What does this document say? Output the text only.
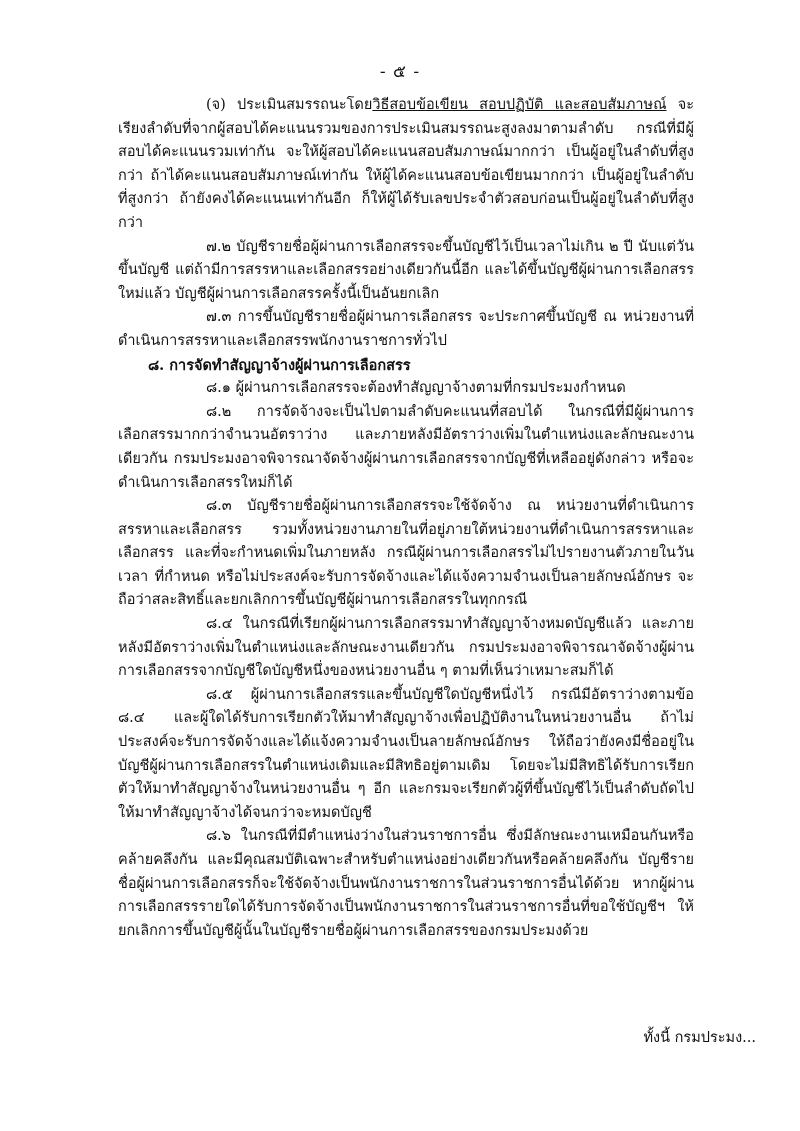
- ๕ -

(จ) ประเมินสมรรถนะโดยวิธีสอบข้อเขียน สอบปฏิบัติ และสอบสัมภาษณ์ จะเรียงลำดับที่จากผู้สอบได้คะแนนรวมของการประเมินสมรรถนะสูงลงมาตามลำดับ กรณีที่มีผู้สอบได้คะแนนรวมเท่ากัน จะให้ผู้สอบได้คะแนนสอบสัมภาษณ์มากกว่า เป็นผู้อยู่ในลำดับที่สูงกว่า ถ้าได้คะแนนสอบสัมภาษณ์เท่ากัน ให้ผู้ได้คะแนนสอบข้อเขียนมากกว่า เป็นผู้อยู่ในลำดับที่สูงกว่า ถ้ายังคงได้คะแนนเท่ากันอีก ก็ให้ผู้ได้รับเลขประจำตัวสอบก่อนเป็นผู้อยู่ในลำดับที่สูงกว่า

๗.๒ บัญชีรายชื่อผู้ผ่านการเลือกสรรจะขึ้นบัญชีไว้เป็นเวลาไม่เกิน ๒ ปี นับแต่วันขึ้นบัญชี แต่ถ้ามีการสรรหาและเลือกสรรอย่างเดียวกันนี้อีก และได้ขึ้นบัญชีผู้ผ่านการเลือกสรรใหม่แล้ว บัญชีผู้ผ่านการเลือกสรรครั้งนี้เป็นอันยกเลิก

๗.๓ การขึ้นบัญชีรายชื่อผู้ผ่านการเลือกสรร จะประกาศขึ้นบัญชี ณ หน่วยงานที่ดำเนินการสรรหาและเลือกสรรพนักงานราชการทั่วไป

๘. การจัดทำสัญญาจ้างผู้ผ่านการเลือกสรร

๘.๑ ผู้ผ่านการเลือกสรรจะต้องทำสัญญาจ้างตามที่กรมประมงกำหนด

๘.๒ การจัดจ้างจะเป็นไปตามลำดับคะแนนที่สอบได้ ในกรณีที่มีผู้ผ่านการเลือกสรรมากกว่าจำนวนอัตราว่าง และภายหลังมีอัตราว่างเพิ่มในตำแหน่งและลักษณะงานเดียวกัน กรมประมงอาจพิจารณาจัดจ้างผู้ผ่านการเลือกสรรจากบัญชีที่เหลืออยู่ดังกล่าว หรือจะดำเนินการเลือกสรรใหม่ก็ได้

๘.๓ บัญชีรายชื่อผู้ผ่านการเลือกสรรจะใช้จัดจ้าง ณ หน่วยงานที่ดำเนินการสรรหาและเลือกสรร รวมทั้งหน่วยงานภายในที่อยู่ภายใต้หน่วยงานที่ดำเนินการสรรหาและเลือกสรร และที่จะกำหนดเพิ่มในภายหลัง กรณีผู้ผ่านการเลือกสรรไม่ไปรายงานตัวภายในวัน เวลา ที่กำหนด หรือไม่ประสงค์จะรับการจัดจ้างและได้แจ้งความจำนงเป็นลายลักษณ์อักษร จะถือว่าสละสิทธิ์และยกเลิกการขึ้นบัญชีผู้ผ่านการเลือกสรรในทุกกรณี

๘.๔ ในกรณีที่เรียกผู้ผ่านการเลือกสรรมาทำสัญญาจ้างหมดบัญชีแล้ว และภายหลังมีอัตราว่างเพิ่มในตำแหน่งและลักษณะงานเดียวกัน กรมประมงอาจพิจารณาจัดจ้างผู้ผ่านการเลือกสรรจากบัญชีใดบัญชีหนึ่งของหน่วยงานอื่น ๆ ตามที่เห็นว่าเหมาะสมก็ได้

๘.๕ ผู้ผ่านการเลือกสรรและขึ้นบัญชีใดบัญชีหนึ่งไว้ กรณีมีอัตราว่างตามข้อ ๘.๔ และผู้ใดได้รับการเรียกตัวให้มาทำสัญญาจ้างเพื่อปฏิบัติงานในหน่วยงานอื่น ถ้าไม่ประสงค์จะรับการจัดจ้างและได้แจ้งความจำนงเป็นลายลักษณ์อักษร ให้ถือว่ายังคงมีชื่ออยู่ในบัญชีผู้ผ่านการเลือกสรรในตำแหน่งเดิมและมีสิทธิอยู่ตามเดิม โดยจะไม่มีสิทธิได้รับการเรียกตัวให้มาทำสัญญาจ้างในหน่วยงานอื่น ๆ อีก และกรมจะเรียกตัวผู้ที่ขึ้นบัญชีไว้เป็นลำดับถัดไปให้มาทำสัญญาจ้างได้จนกว่าจะหมดบัญชี

๘.๖ ในกรณีที่มีตำแหน่งว่างในส่วนราชการอื่น ซึ่งมีลักษณะงานเหมือนกันหรือคล้ายคลึงกัน และมีคุณสมบัติเฉพาะสำหรับตำแหน่งอย่างเดียวกันหรือคล้ายคลึงกัน บัญชีรายชื่อผู้ผ่านการเลือกสรรก็จะใช้จัดจ้างเป็นพนักงานราชการในส่วนราชการอื่นได้ด้วย หากผู้ผ่านการเลือกสรรรายใดได้รับการจัดจ้างเป็นพนักงานราชการในส่วนราชการอื่นที่ขอใช้บัญชีฯ ให้ยกเลิกการขึ้นบัญชีผู้นั้นในบัญชีรายชื่อผู้ผ่านการเลือกสรรของกรมประมงด้วย

ทั้งนี้ กรมประมง...
